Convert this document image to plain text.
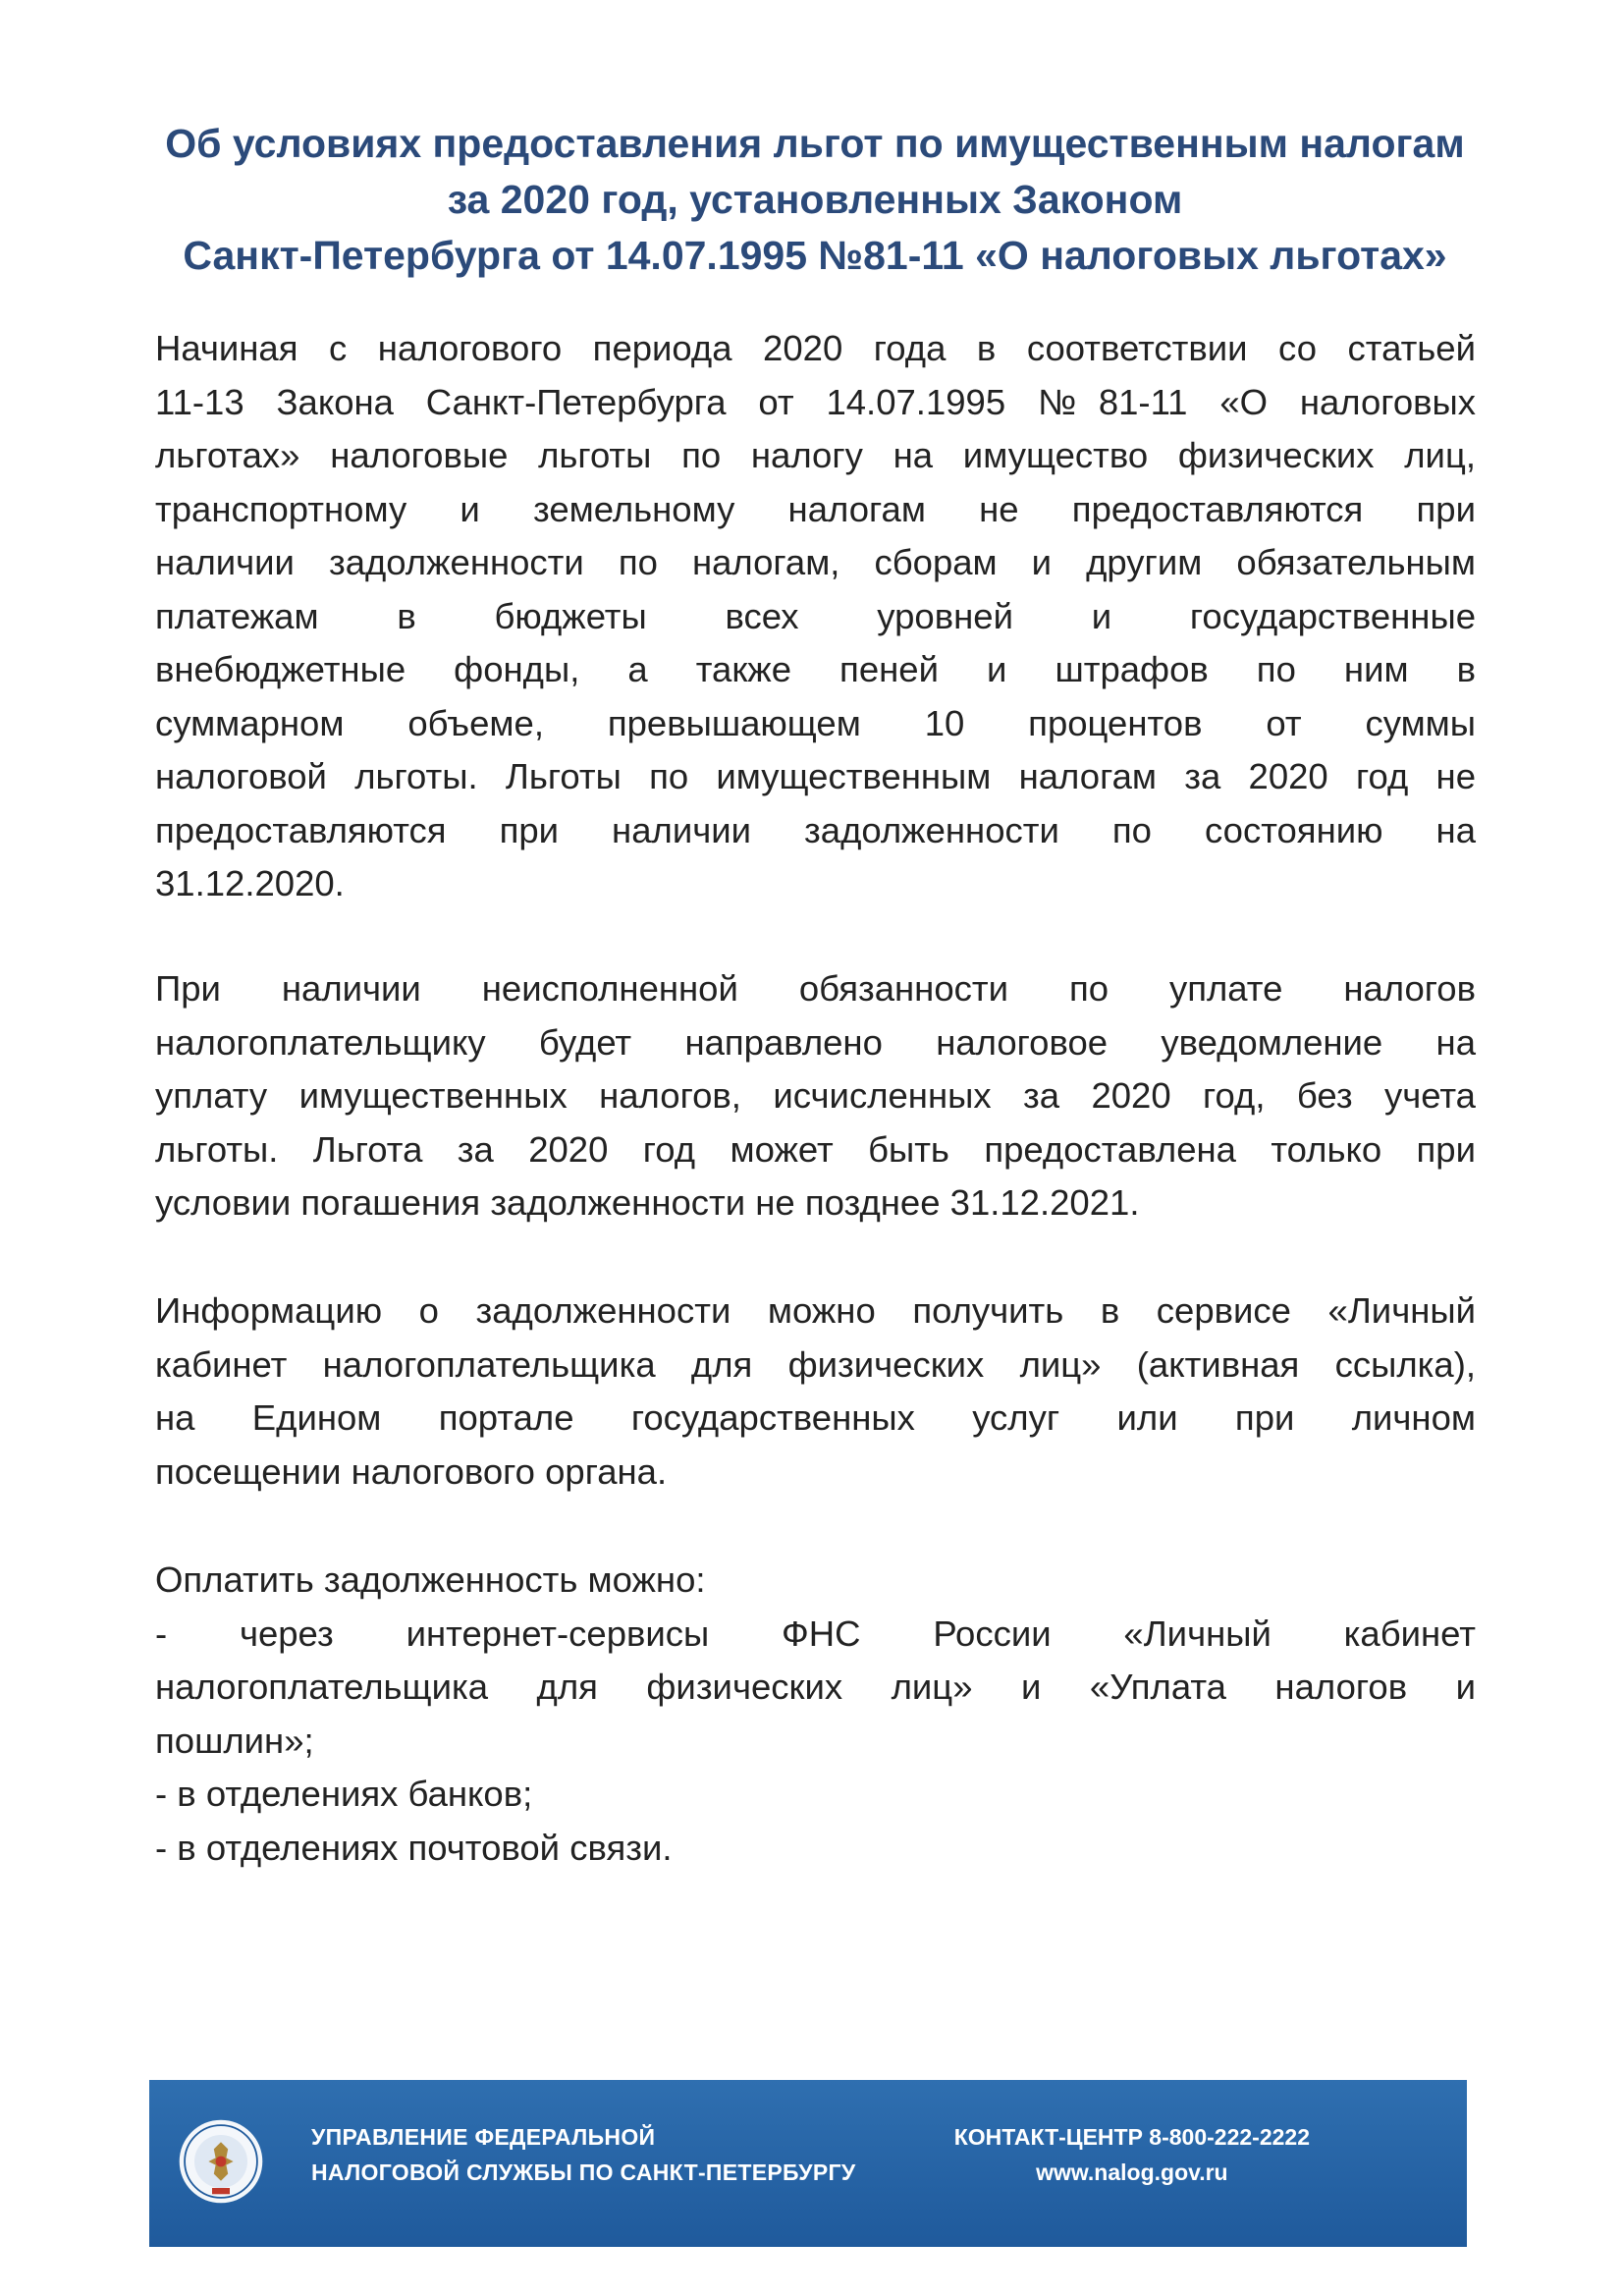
Об условиях предоставления льгот по имущественным налогам
за 2020 год, установленных Законом
Санкт-Петербурга от 14.07.1995 №81-11 «О налоговых льготах»

Начиная с налогового периода 2020 года в соответствии со статьей

11-13 Закона Санкт-Петербурга от 14.07.1995 №81-11 «О налоговых

льготах» налоговые льготы по налогу на имущество физических лиц,

транспортному и земельному налогам не предоставляются при

наличии задолженности по налогам, сборам и другим обязательным

платежам в бюджеты всех уровней и государственные

внебюджетные фонды, а также пеней и штрафов по ним в

суммарном объеме, превышающем 10 процентов от суммы

налоговой льготы. Льготы по имущественным налогам за 2020 год не

предоставляются при наличии задолженности по состоянию на

31.12.2020.

При наличии неисполненной обязанности по уплате налогов

налогоплательщику будет направлено налоговое уведомление на

уплату имущественных налогов, исчисленных за 2020 год, без учета

льготы. Льгота за 2020 год может быть предоставлена только при

условии погашения задолженности не позднее 31.12.2021.

Информацию о задолженности можно получить в сервисе «Личный

кабинет налогоплательщика для физических лиц» (активная ссылка),

на Едином портале государственных услуг или при личном

посещении налогового органа.

Оплатить задолженность можно:

- через интернет-сервисы ФНС России «Личный кабинет

налогоплательщика для физических лиц» и «Уплата налогов и

пошлин»;

- в отделениях банков;

- в отделениях почтовой связи.

УПРАВЛЕНИЕ ФЕДЕРАЛЬНОЙ
НАЛОГОВОЙ СЛУЖБЫ ПО САНКТ-ПЕТЕРБУРГУ
КОНТАКТ-ЦЕНТР 8-800-222-2222
www.nalog.gov.ru
